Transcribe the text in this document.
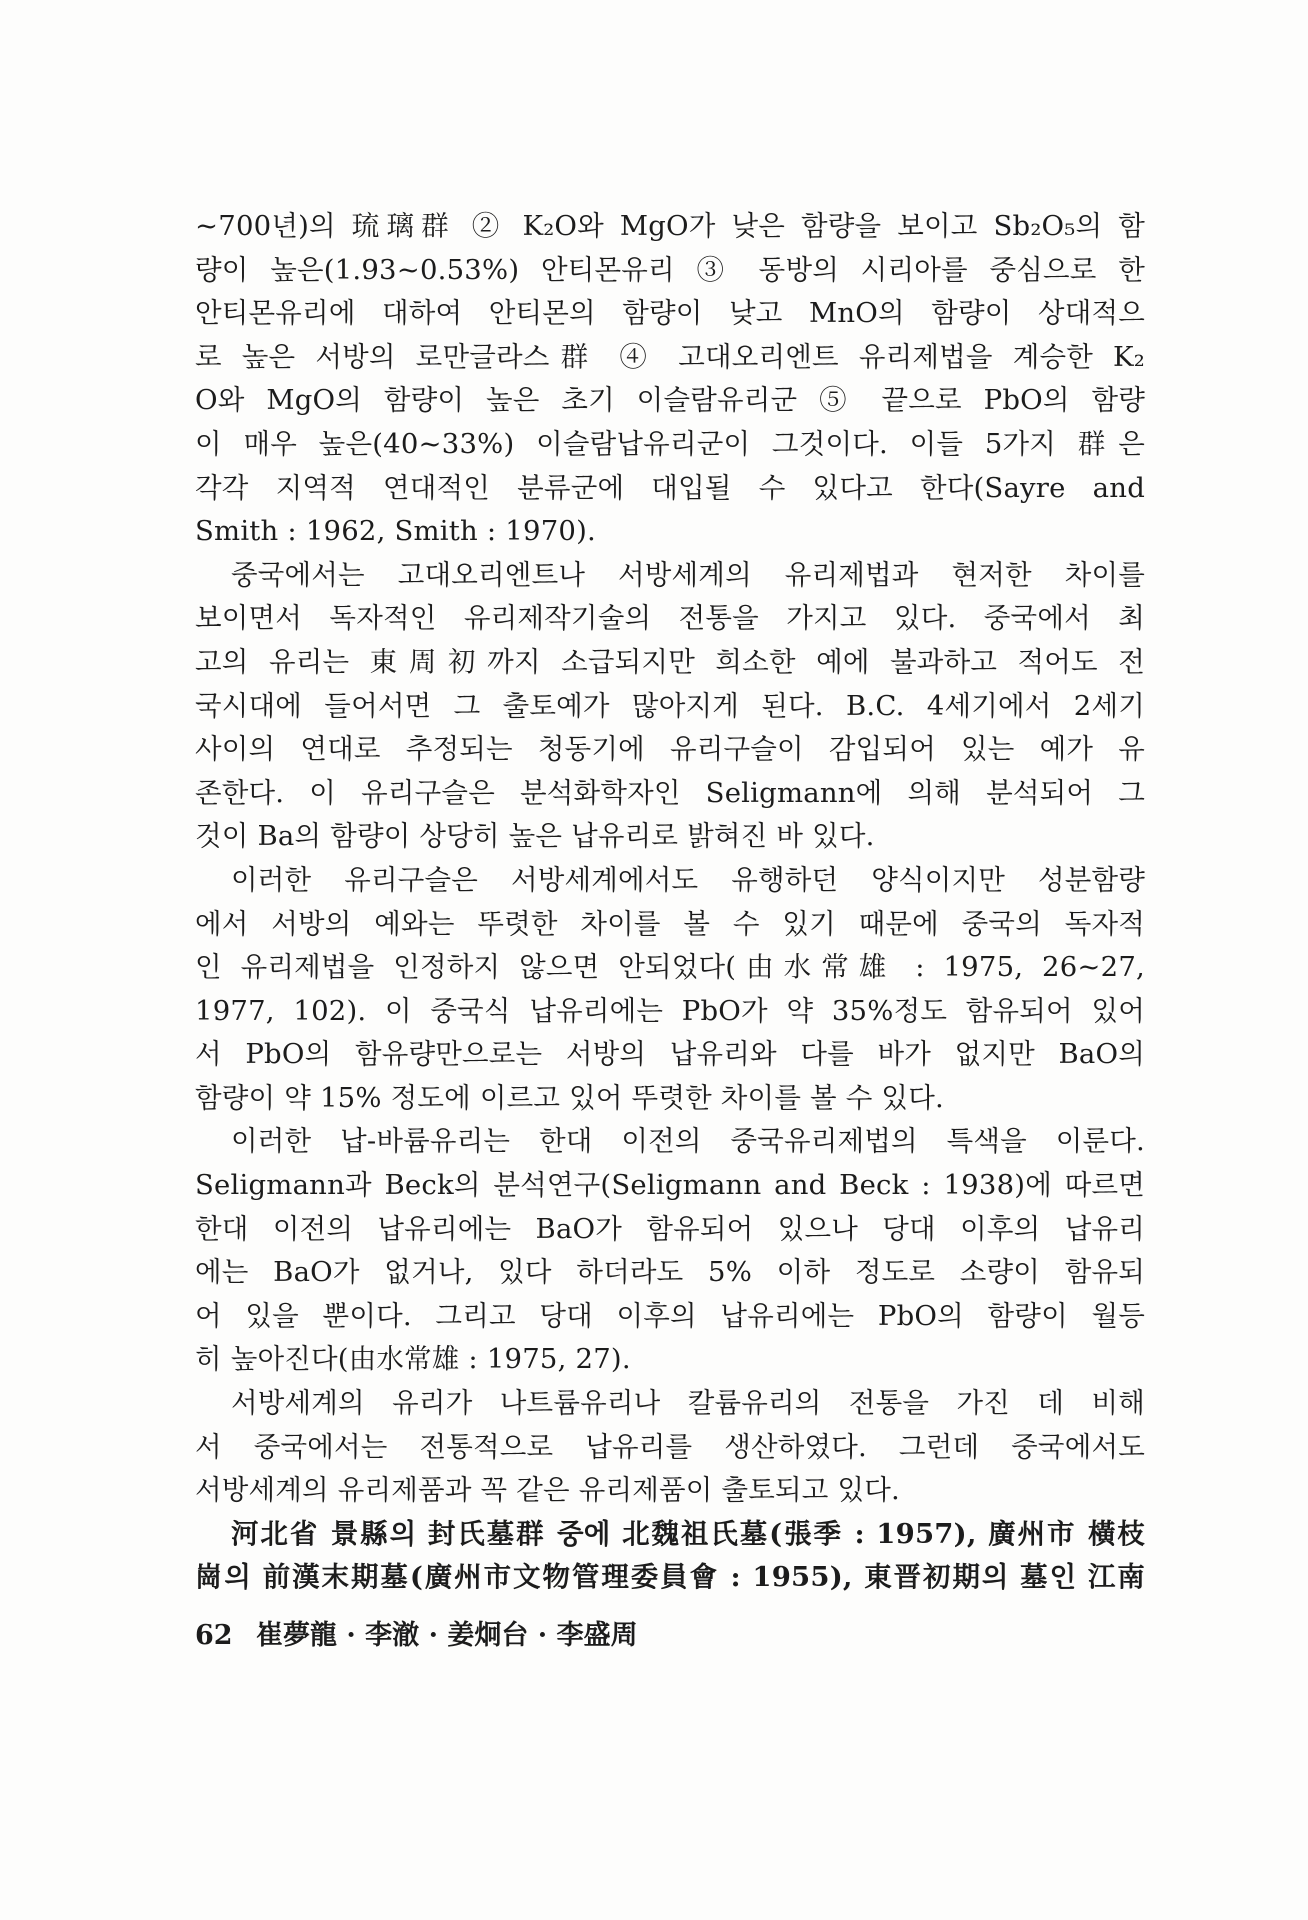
~700년)의 琉璃群 ② K₂O와 MgO가 낮은 함량을 보이고 Sb₂O₅의 함
량이 높은(1.93~0.53%) 안티몬유리 ③ 동방의 시리아를 중심으로 한
안티몬유리에 대하여 안티몬의 함량이 낮고 MnO의 함량이 상대적으
로 높은 서방의 로만글라스群 ④ 고대오리엔트 유리제법을 계승한 K₂
O와 MgO의 함량이 높은 초기 이슬람유리군 ⑤ 끝으로 PbO의 함량
이 매우 높은(40~33%) 이슬람납유리군이 그것이다. 이들 5가지 群은
각각 지역적 연대적인 분류군에 대입될 수 있다고 한다(Sayre and
Smith : 1962, Smith : 1970).
중국에서는 고대오리엔트나 서방세계의 유리제법과 현저한 차이를
보이면서 독자적인 유리제작기술의 전통을 가지고 있다. 중국에서 최
고의 유리는 東周初까지 소급되지만 희소한 예에 불과하고 적어도 전
국시대에 들어서면 그 출토예가 많아지게 된다. B.C. 4세기에서 2세기
사이의 연대로 추정되는 청동기에 유리구슬이 감입되어 있는 예가 유
존한다. 이 유리구슬은 분석화학자인 Seligmann에 의해 분석되어 그
것이 Ba의 함량이 상당히 높은 납유리로 밝혀진 바 있다.
이러한 유리구슬은 서방세계에서도 유행하던 양식이지만 성분함량
에서 서방의 예와는 뚜렷한 차이를 볼 수 있기 때문에 중국의 독자적
인 유리제법을 인정하지 않으면 안되었다(由水常雄 : 1975, 26~27,
1977, 102). 이 중국식 납유리에는 PbO가 약 35%정도 함유되어 있어
서 PbO의 함유량만으로는 서방의 납유리와 다를 바가 없지만 BaO의
함량이 약 15% 정도에 이르고 있어 뚜렷한 차이를 볼 수 있다.
이러한 납-바륨유리는 한대 이전의 중국유리제법의 특색을 이룬다.
Seligmann과 Beck의 분석연구(Seligmann and Beck : 1938)에 따르면
한대 이전의 납유리에는 BaO가 함유되어 있으나 당대 이후의 납유리
에는 BaO가 없거나, 있다 하더라도 5% 이하 정도로 소량이 함유되
어 있을 뿐이다. 그리고 당대 이후의 납유리에는 PbO의 함량이 월등
히 높아진다(由水常雄 : 1975, 27).
서방세계의 유리가 나트륨유리나 칼륨유리의 전통을 가진 데 비해
서 중국에서는 전통적으로 납유리를 생산하였다. 그런데 중국에서도
서방세계의 유리제품과 꼭 같은 유리제품이 출토되고 있다.
河北省 景縣의 封氏墓群 중에 北魏祖氏墓(張季 : 1957), 廣州市 橫枝
崗의 前漢末期墓(廣州市文物管理委員會 : 1955), 東晋初期의 墓인 江南
62 崔夢龍 · 李澈 · 姜炯台 · 李盛周
